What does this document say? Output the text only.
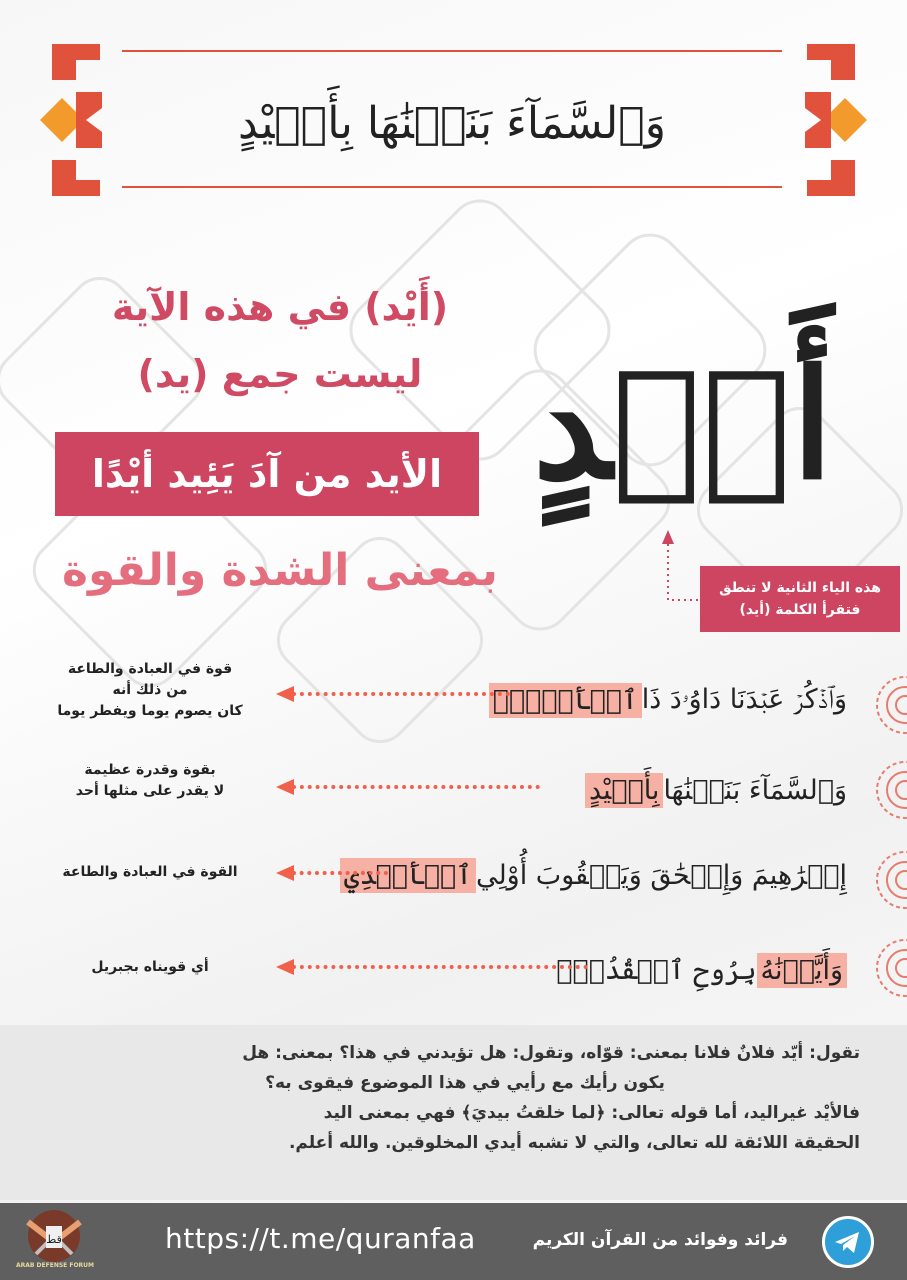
وَٱلسَّمَآءَ بَنَيۡنَٰهَا بِأَيۡيْدٍ
أَيۡدٍ
(أَيْد) في هذه الآية
ليست جمع (يد)
الأيد من آدَ يَئِيد أيْدًا
بمعنى الشدة والقوة	هذه الياء الثانية لا تنطق
فتقرأ الكلمة (أيد)
وَٱذۡكُرۡ عَبۡدَنَا دَاوُۥدَ ذَا
ٱلۡأَيۡدِۖ
قوة في العبادة والطاعة
من ذلك أنه
كان يصوم يوما ويفطر يوما
وَٱلسَّمَآءَ بَنَيۡنَٰهَا
بِأَيۡيْدٍ
بقوة وقدرة عظيمة
لا يقدر على مثلها أحد
إِبۡرَٰهِيمَ وَإِسۡحَٰقَ وَيَعۡقُوبَ أُوْلِي
ٱلۡأَيۡدِي
القوة في العبادة والطاعة
وَأَيَّدۡنَٰهُ
بِرُوحِ ٱلۡقُدُسِۗ
أي قويناه بجبريل
تقول: أيّد فلانٌ فلانا بمعنى: قوّاه، وتقول: هل تؤيدني في هذا؟ بمعنى: هل
يكون رأيك مع رأيي في هذا الموضوع فيقوى به؟
فالأيْد غيراليد، أما قوله تعالى: ﴿لما خلقتُ بيديَ﴾ فهي بمعنى اليد
الحقيقة اللائقة لله تعالى، والتي لا تشبه أيدي المخلوقين. والله أعلم.
قط
ARAB DEFENSE FORUM
https://t.me/quranfaa	فرائد وفوائد من القرآن الكريم
